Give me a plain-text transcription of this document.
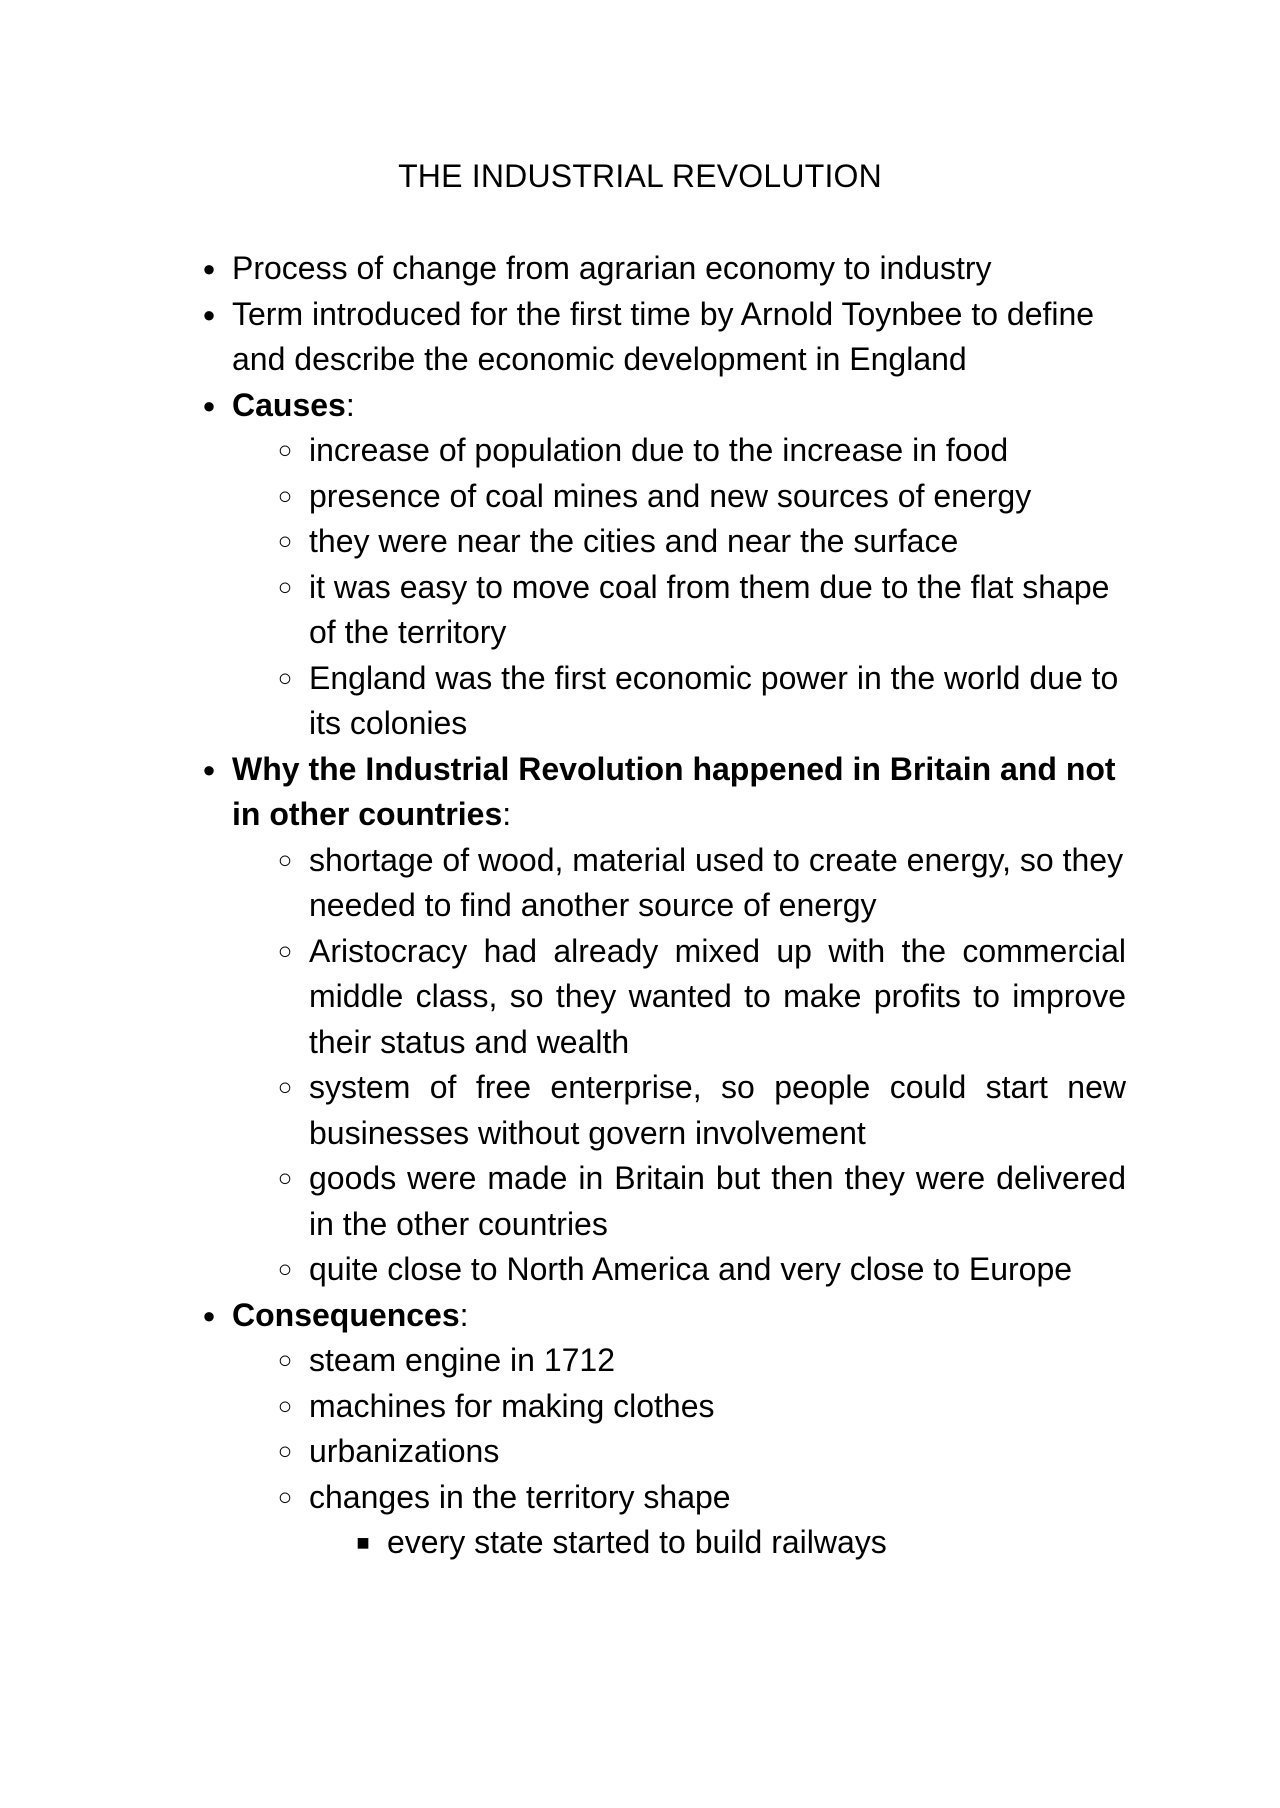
THE INDUSTRIAL REVOLUTION
● Process of change from agrarian economy to industry
● Term introduced for the first time by Arnold Toynbee to define and describe the economic development in England
● Causes:
○ increase of population due to the increase in food
○ presence of coal mines and new sources of energy
○ they were near the cities and near the surface
○ it was easy to move coal from them due to the flat shape of the territory
○ England was the first economic power in the world due to its colonies
● Why the Industrial Revolution happened in Britain and not in other countries:
○ shortage of wood, material used to create energy, so they needed to find another source of energy
○ Aristocracy had already mixed up with the commercial middle class, so they wanted to make profits to improve their status and wealth
○ system of free enterprise, so people could start new businesses without govern involvement
○ goods were made in Britain but then they were delivered in the other countries
○ quite close to North America and very close to Europe
● Consequences:
○ steam engine in 1712
○ machines for making clothes
○ urbanizations
○ changes in the territory shape
■ every state started to build railways
